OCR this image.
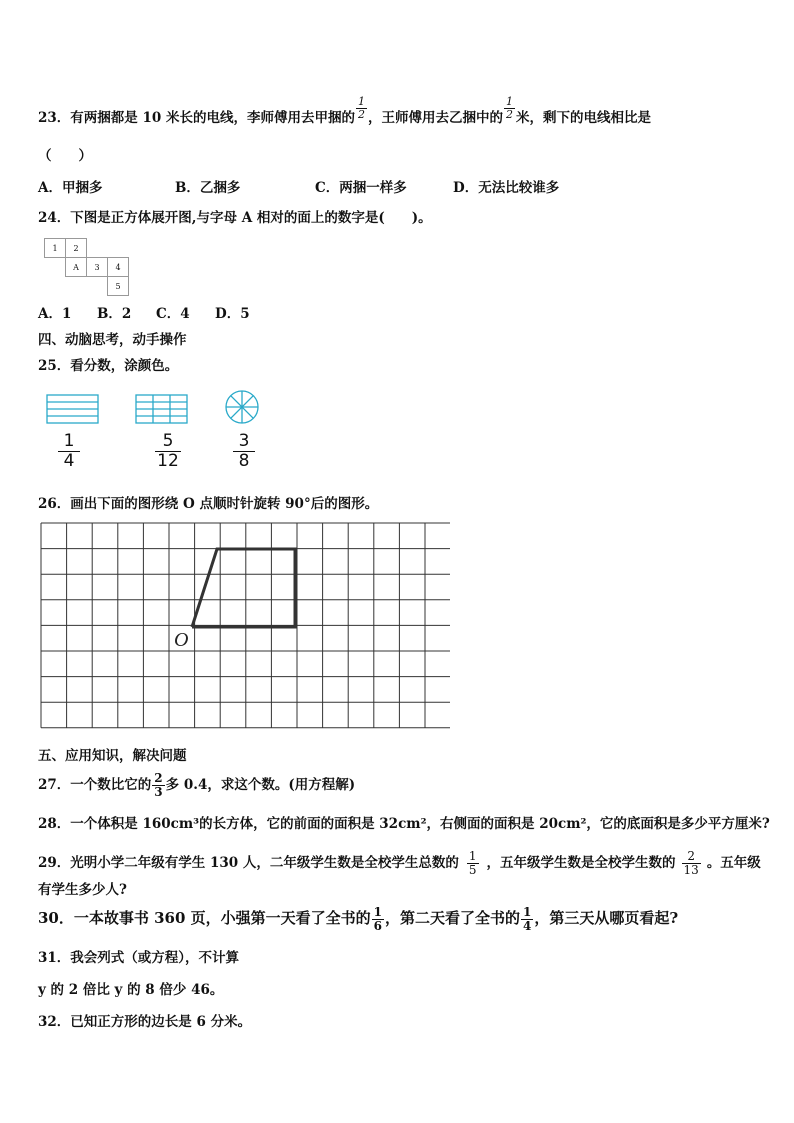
23．有两捆都是 10 米长的电线，李师傅用去甲捆的 $\frac{1}{2}$ ，王师傅用去乙捆中的 $\frac{1}{2}$ 米，剩下的电线相比是
（　　）
A．甲捆多	B．乙捆多	C．两捆一样多	D．无法比较谁多
24．下图是正方体展开图,与字母 A 相对的面上的数字是(　　)。
1	2		
	A	3	4
			5
A．1 B．2 C．4 D．5
四、动脑思考，动手操作
25．看分数，涂颜色。
$\frac{1}{4}$	$\frac{5}{12}$	$\frac{3}{8}$
26．画出下面的图形绕 O 点顺时针旋转 90°后的图形。
O
五、应用知识，解决问题
27．一个数比它的 $\frac{2}{3}$ 多 0.4，求这个数。(用方程解)
28．一个体积是 160cm³的长方体，它的前面的面积是 32cm²，右侧面的面积是 20cm²，它的底面积是多少平方厘米?
29．光明小学二年级有学生 130 人，二年级学生数是全校学生总数的 $\frac{1}{5}$ ，五年级学生数是全校学生数的 $\frac{2}{13}$ 。五年级
有学生多少人?
30．一本故事书 360 页，小强第一天看了全书的 $\frac{1}{6}$ ，第二天看了全书的 $\frac{1}{4}$ ，第三天从哪页看起?
31．我会列式（或方程），不计算
y 的 2 倍比 y 的 8 倍少 46。
32．已知正方形的边长是 6 分米。
